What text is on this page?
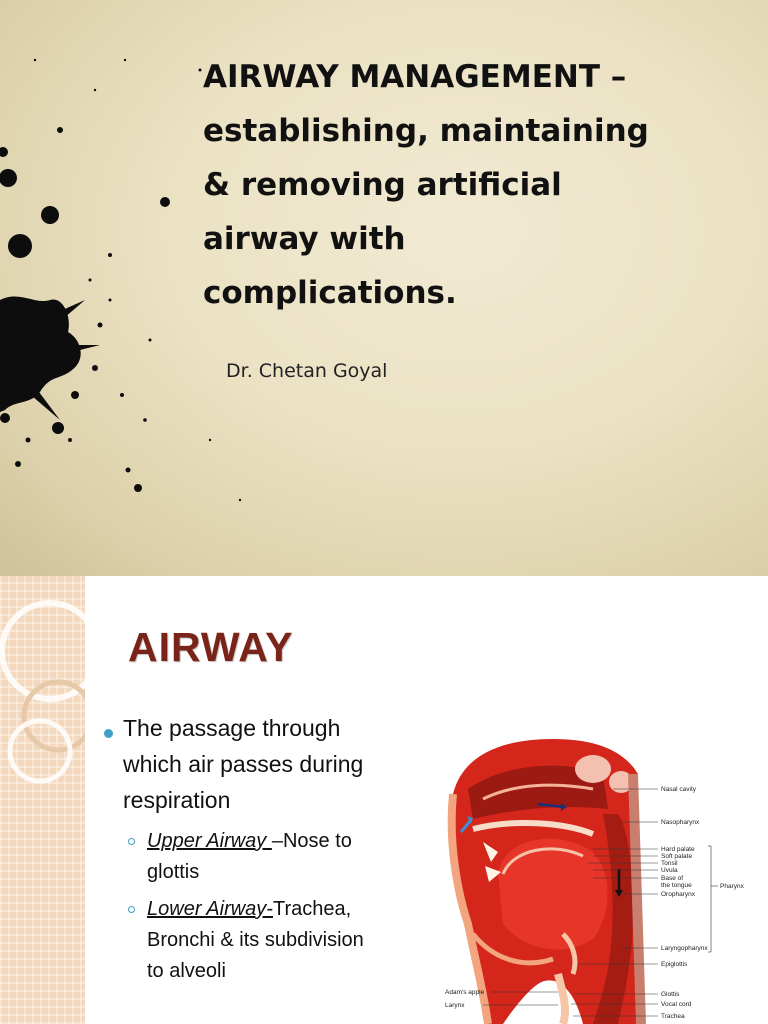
AIRWAY MANAGEMENT –
establishing, maintaining
& removing artificial
airway with
complications.

Dr. Chetan Goyal

AIRWAY

The passage through
which air passes during
respiration

Upper Airway –Nose to
glottis
Lower Airway-Trachea,
Bronchi & its subdivision
to alveoli
Nasal cavity
Nasopharynx
Hard palate
Soft palate
Tonsil
Uvula
Base of
the tongue
Oropharynx
Pharynx
Laryngopharynx
Epiglottis
Adam's apple	Glottis
Larynx	Vocal cord
Trachea
